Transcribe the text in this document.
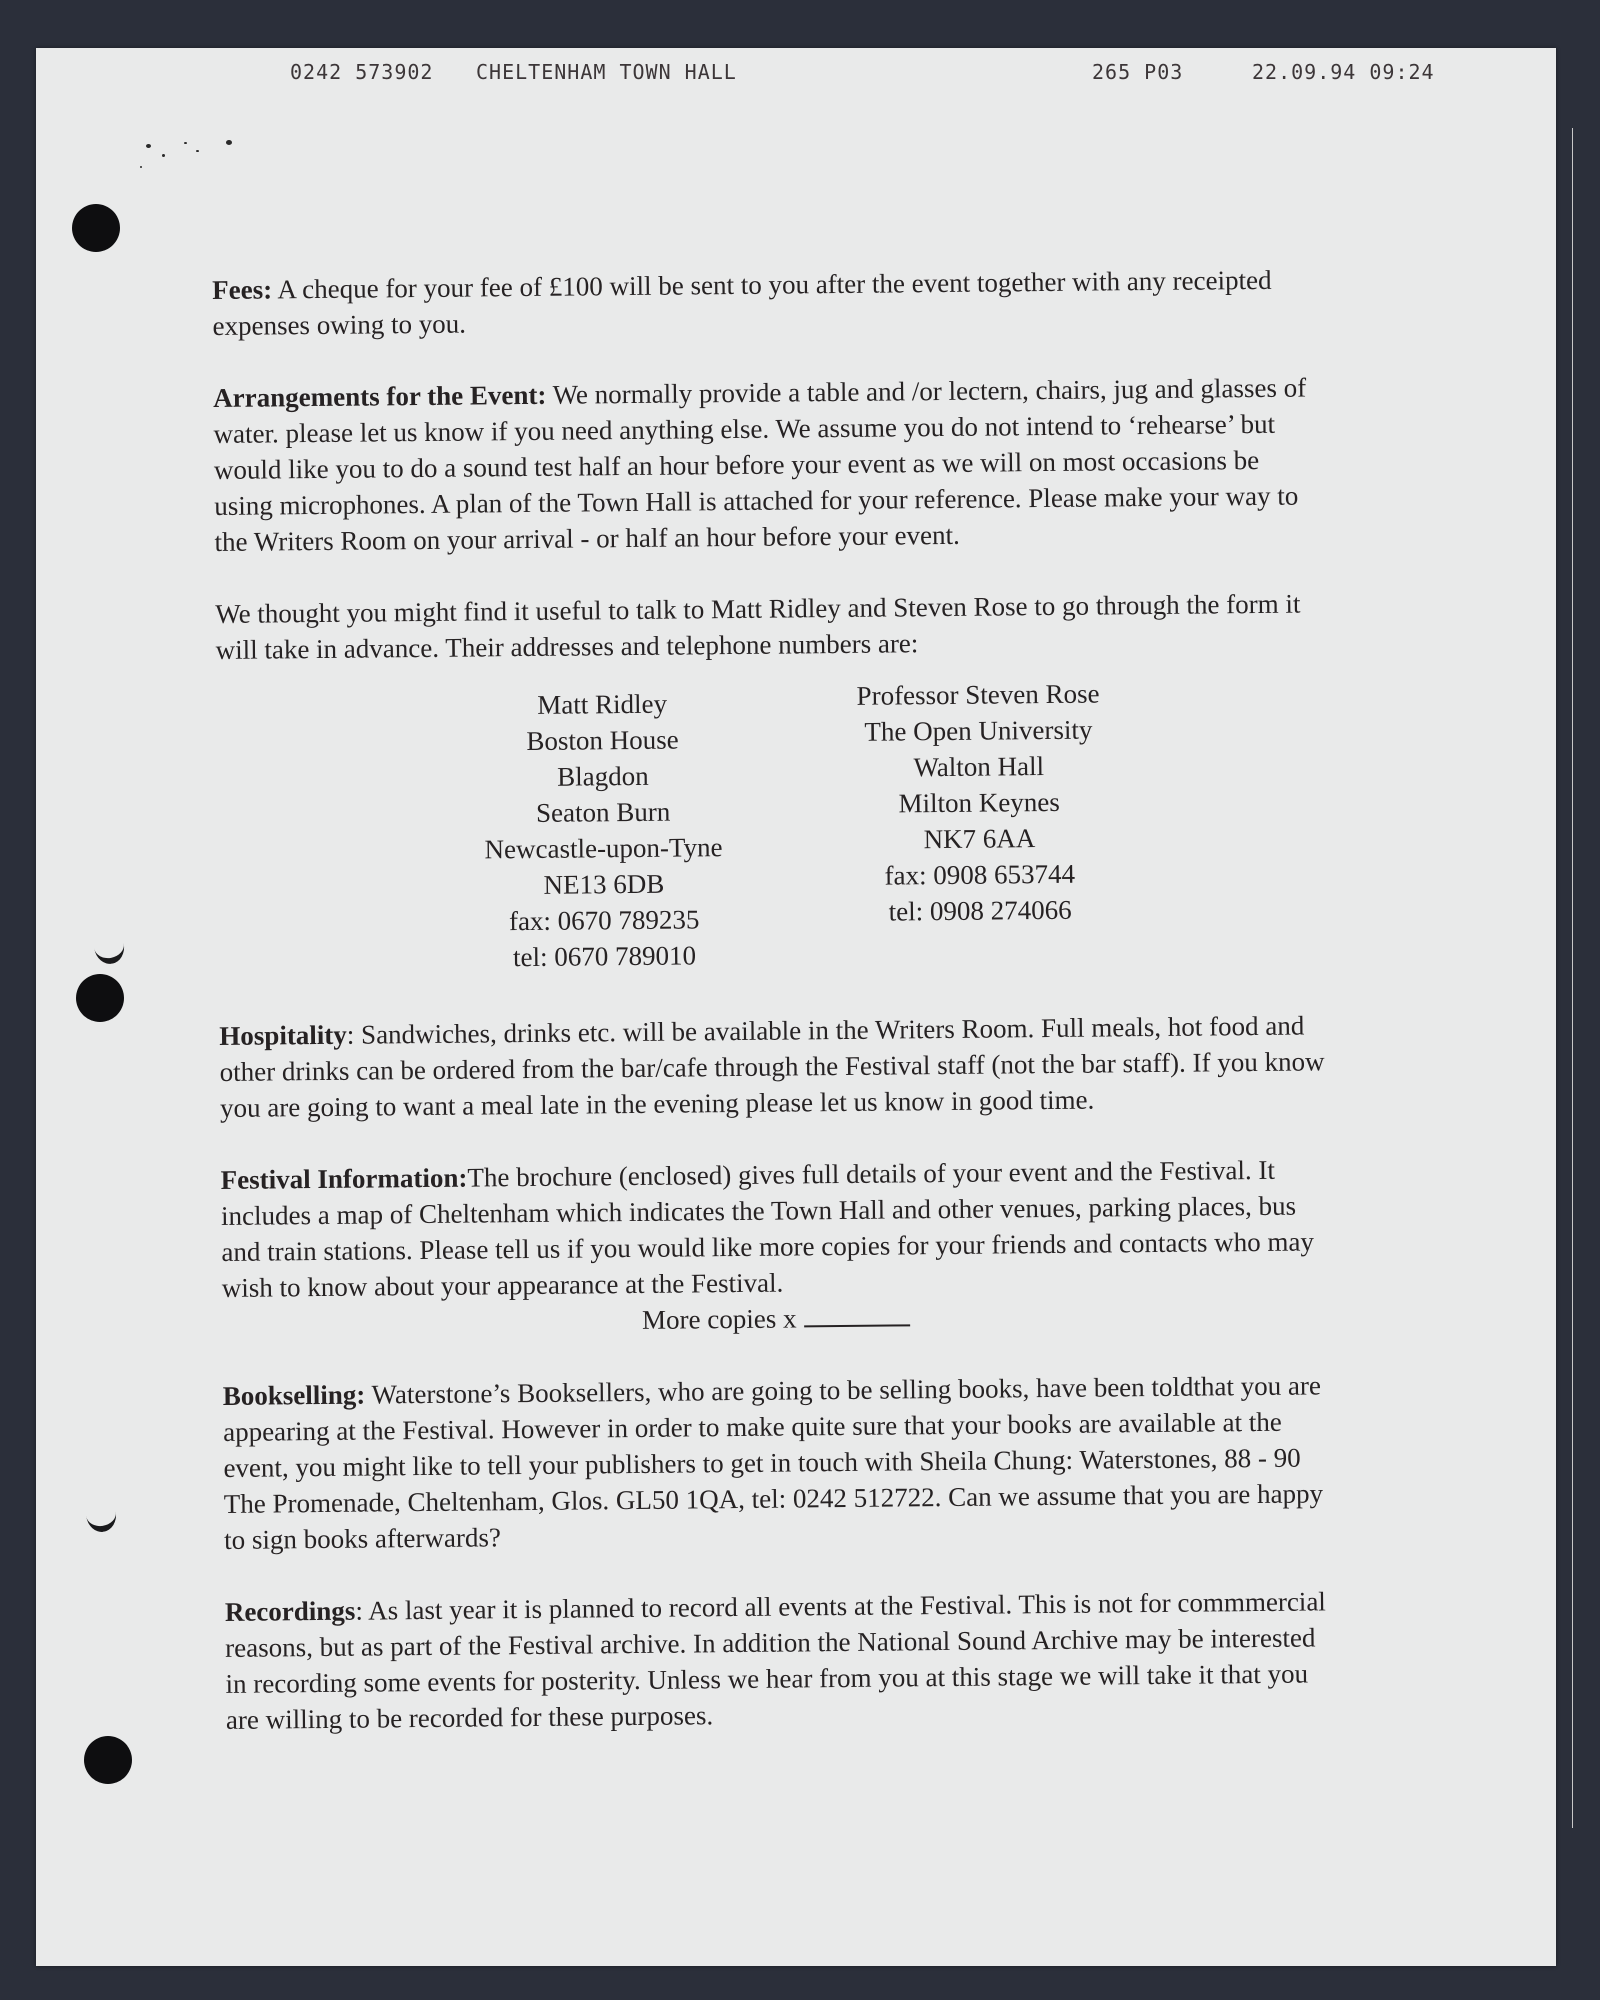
0242 573902 CHELTENHAM TOWN HALL	265 P03	22.09.94 09:24

Fees: A cheque for your fee of £100 will be sent to you after the event together with any receipted expenses owing to you.

Arrangements for the Event: We normally provide a table and /or lectern, chairs, jug and glasses of water. please let us know if you need anything else. We assume you do not intend to ‘rehearse’ but would like you to do a sound test half an hour before your event as we will on most occasions be using microphones. A plan of the Town Hall is attached for your reference. Please make your way to the Writers Room on your arrival - or half an hour before your event.

We thought you might find it useful to talk to Matt Ridley and Steven Rose to go through the form it will take in advance. Their addresses and telephone numbers are:

Matt Ridley
Boston House
Blagdon
Seaton Burn
Newcastle-upon-Tyne
NE13 6DB
fax: 0670 789235
tel: 0670 789010
Professor Steven Rose
The Open University
Walton Hall
Milton Keynes
NK7 6AA
fax: 0908 653744
tel: 0908 274066

Hospitality: Sandwiches, drinks etc. will be available in the Writers Room. Full meals, hot food and other drinks can be ordered from the bar/cafe through the Festival staff (not the bar staff). If you know you are going to want a meal late in the evening please let us know in good time.

Festival Information:The brochure (enclosed) gives full details of your event and the Festival. It includes a map of Cheltenham which indicates the Town Hall and other venues, parking places, bus and train stations. Please tell us if you would like more copies for your friends and contacts who may wish to know about your appearance at the Festival.

More copies x

Bookselling: Waterstone’s Booksellers, who are going to be selling books, have been toldthat you are appearing at the Festival. However in order to make quite sure that your books are available at the event, you might like to tell your publishers to get in touch with Sheila Chung: Waterstones, 88 - 90 The Promenade, Cheltenham, Glos. GL50 1QA, tel: 0242 512722. Can we assume that you are happy to sign books afterwards?

Recordings: As last year it is planned to record all events at the Festival. This is not for commmercial reasons, but as part of the Festival archive. In addition the National Sound Archive may be interested in recording some events for posterity. Unless we hear from you at this stage we will take it that you are willing to be recorded for these purposes.
